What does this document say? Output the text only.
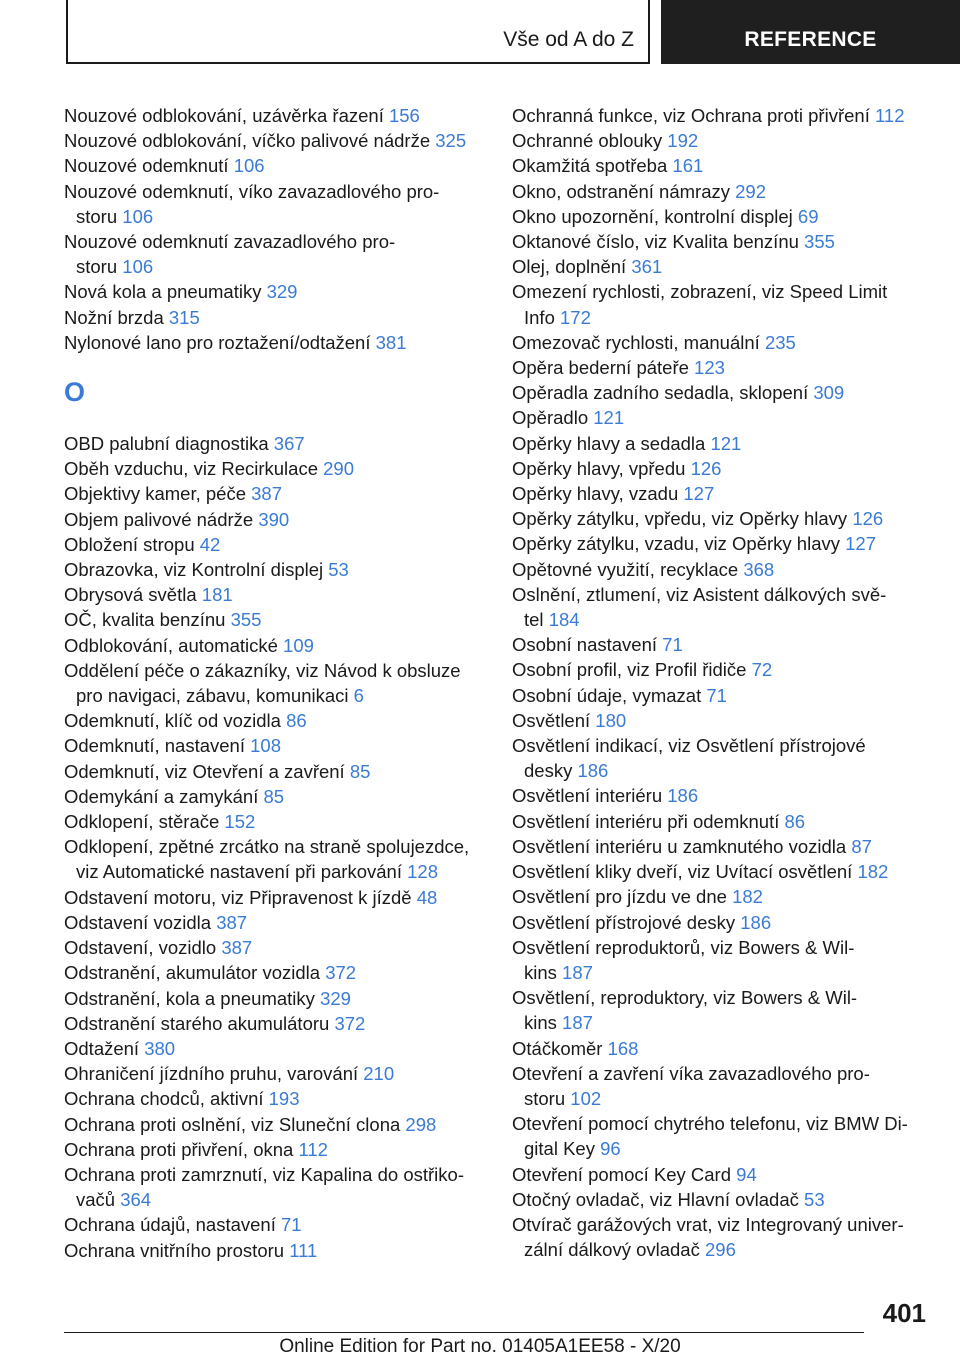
Vše od A do Z	REFERENCE
Nouzové odblokování, uzávěrka řazení 156
Nouzové odblokování, víčko palivové nádrže 325
Nouzové odemknutí 106
Nouzové odemknutí, víko zavazadlového pro-
storu 106
Nouzové odemknutí zavazadlového pro-
storu 106
Nová kola a pneumatiky 329
Nožní brzda 315
Nylonové lano pro roztažení/odtažení 381
O
OBD palubní diagnostika 367
Oběh vzduchu, viz Recirkulace 290
Objektivy kamer, péče 387
Objem palivové nádrže 390
Obložení stropu 42
Obrazovka, viz Kontrolní displej 53
Obrysová světla 181
OČ, kvalita benzínu 355
Odblokování, automatické 109
Oddělení péče o zákazníky, viz Návod k obsluze
pro navigaci, zábavu, komunikaci 6
Odemknutí, klíč od vozidla 86
Odemknutí, nastavení 108
Odemknutí, viz Otevření a zavření 85
Odemykání a zamykání 85
Odklopení, stěrače 152
Odklopení, zpětné zrcátko na straně spolujezdce,
viz Automatické nastavení při parkování 128
Odstavení motoru, viz Připravenost k jízdě 48
Odstavení vozidla 387
Odstavení, vozidlo 387
Odstranění, akumulátor vozidla 372
Odstranění, kola a pneumatiky 329
Odstranění starého akumulátoru 372
Odtažení 380
Ohraničení jízdního pruhu, varování 210
Ochrana chodců, aktivní 193
Ochrana proti oslnění, viz Sluneční clona 298
Ochrana proti přivření, okna 112
Ochrana proti zamrznutí, viz Kapalina do ostřiko-
vačů 364
Ochrana údajů, nastavení 71
Ochrana vnitřního prostoru 111
Ochranná funkce, viz Ochrana proti přivření 112
Ochranné oblouky 192
Okamžitá spotřeba 161
Okno, odstranění námrazy 292
Okno upozornění, kontrolní displej 69
Oktanové číslo, viz Kvalita benzínu 355
Olej, doplnění 361
Omezení rychlosti, zobrazení, viz Speed Limit
Info 172
Omezovač rychlosti, manuální 235
Opěra bederní páteře 123
Opěradla zadního sedadla, sklopení 309
Opěradlo 121
Opěrky hlavy a sedadla 121
Opěrky hlavy, vpředu 126
Opěrky hlavy, vzadu 127
Opěrky zátylku, vpředu, viz Opěrky hlavy 126
Opěrky zátylku, vzadu, viz Opěrky hlavy 127
Opětovné využití, recyklace 368
Oslnění, ztlumení, viz Asistent dálkových svě-
tel 184
Osobní nastavení 71
Osobní profil, viz Profil řidiče 72
Osobní údaje, vymazat 71
Osvětlení 180
Osvětlení indikací, viz Osvětlení přístrojové
desky 186
Osvětlení interiéru 186
Osvětlení interiéru při odemknutí 86
Osvětlení interiéru u zamknutého vozidla 87
Osvětlení kliky dveří, viz Uvítací osvětlení 182
Osvětlení pro jízdu ve dne 182
Osvětlení přístrojové desky 186
Osvětlení reproduktorů, viz Bowers & Wil-
kins 187
Osvětlení, reproduktory, viz Bowers & Wil-
kins 187
Otáčkoměr 168
Otevření a zavření víka zavazadlového pro-
storu 102
Otevření pomocí chytrého telefonu, viz BMW Di-
gital Key 96
Otevření pomocí Key Card 94
Otočný ovladač, viz Hlavní ovladač 53
Otvírač garážových vrat, viz Integrovaný univer-
zální dálkový ovladač 296
401
Online Edition for Part no. 01405A1EE58 - X/20
